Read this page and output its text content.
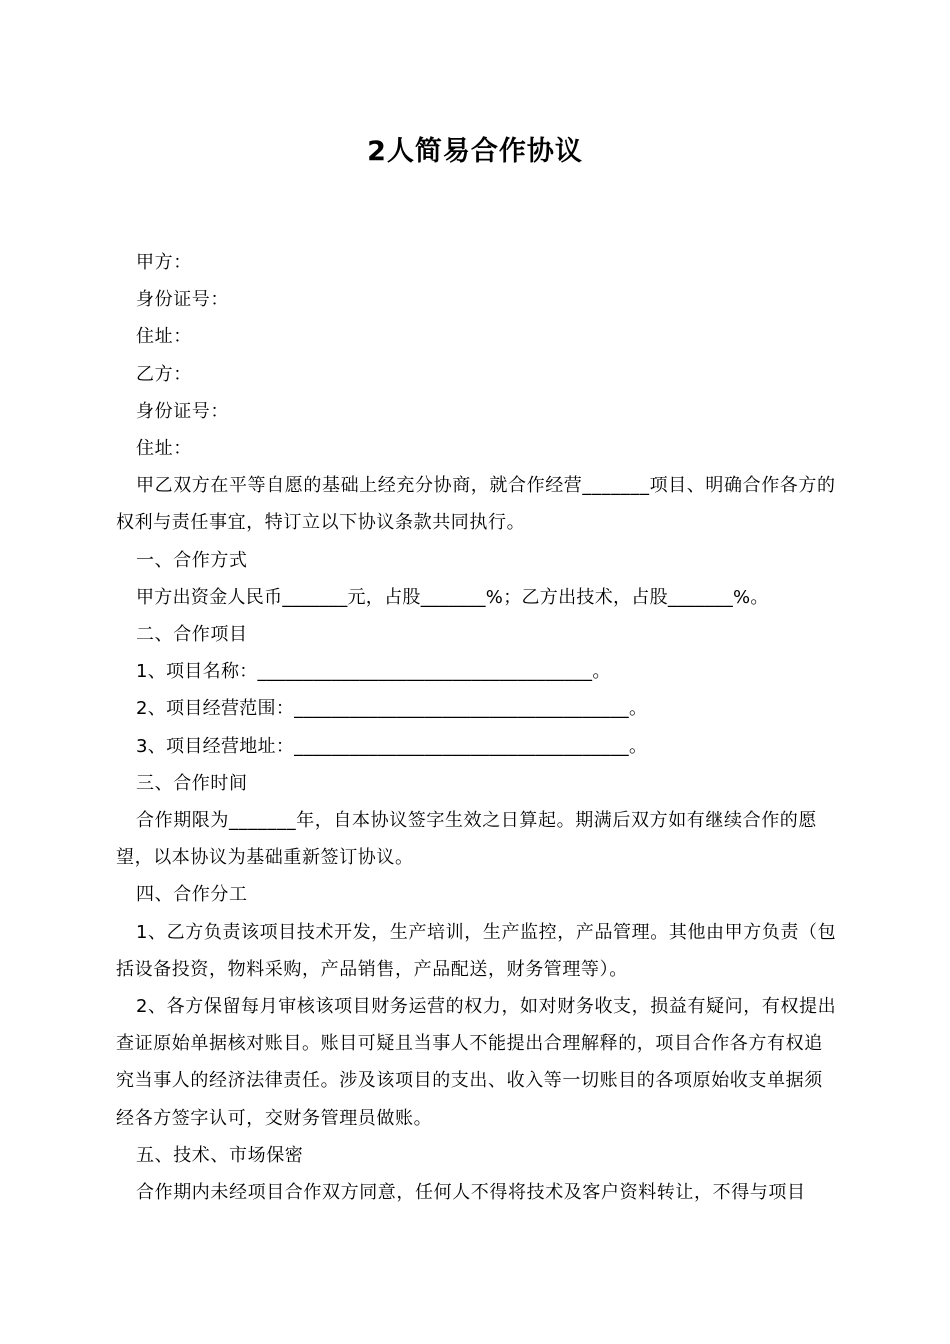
2人简易合作协议

甲方：

身份证号：

住址：

乙方：

身份证号：

住址：

甲乙双方在平等自愿的基础上经充分协商，就合作经营_______项目、明确合作各方的权利与责任事宜，特订立以下协议条款共同执行。

一、合作方式

甲方出资金人民币_______元，占股_______%；乙方出技术，占股_______%。

二、合作项目

1、项目名称：____________________________________。

2、项目经营范围：____________________________________。

3、项目经营地址：____________________________________。

三、合作时间

合作期限为_______年，自本协议签字生效之日算起。期满后双方如有继续合作的愿望，以本协议为基础重新签订协议。

四、合作分工

1、乙方负责该项目技术开发，生产培训，生产监控，产品管理。其他由甲方负责（包括设备投资，物料采购，产品销售，产品配送，财务管理等）。

2、各方保留每月审核该项目财务运营的权力，如对财务收支，损益有疑问，有权提出查证原始单据核对账目。账目可疑且当事人不能提出合理解释的，项目合作各方有权追究当事人的经济法律责任。涉及该项目的支出、收入等一切账目的各项原始收支单据须经各方签字认可，交财务管理员做账。

五、技术、市场保密

合作期内未经项目合作双方同意，任何人不得将技术及客户资料转让，不得与项目
